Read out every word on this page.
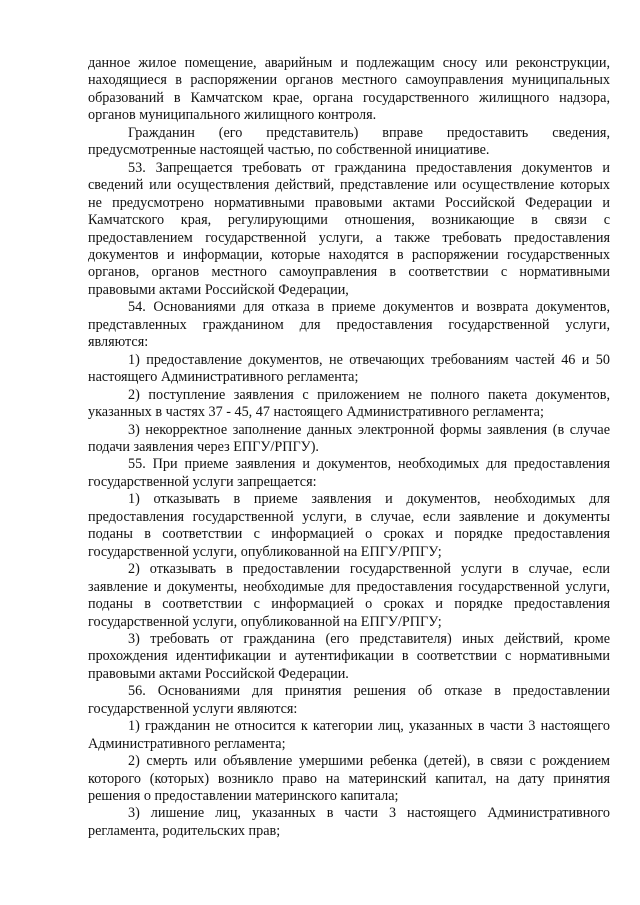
данное жилое помещение, аварийным и подлежащим сносу или реконструкции, находящиеся в распоряжении органов местного самоуправления муниципальных образований в Камчатском крае, органа государственного жилищного надзора, органов муниципального жилищного контроля.

Гражданин (его представитель) вправе предоставить сведения, предусмотренные настоящей частью, по собственной инициативе.

53. Запрещается требовать от гражданина предоставления документов и сведений или осуществления действий, представление или осуществление которых не предусмотрено нормативными правовыми актами Российской Федерации и Камчатского края, регулирующими отношения, возникающие в связи с предоставлением государственной услуги, а также требовать предоставления документов и информации, которые находятся в распоряжении государственных органов, органов местного самоуправления в соответствии с нормативными правовыми актами Российской Федерации,

54. Основаниями для отказа в приеме документов и возврата документов, представленных гражданином для предоставления государственной услуги, являются:

1) предоставление документов, не отвечающих требованиям частей 46 и 50 настоящего Административного регламента;

2) поступление заявления с приложением не полного пакета документов, указанных в частях 37 - 45, 47 настоящего Административного регламента;

3) некорректное заполнение данных электронной формы заявления (в случае подачи заявления через ЕПГУ/РПГУ).

55. При приеме заявления и документов, необходимых для предоставления государственной услуги запрещается:

1) отказывать в приеме заявления и документов, необходимых для предоставления государственной услуги, в случае, если заявление и документы поданы в соответствии с информацией о сроках и порядке предоставления государственной услуги, опубликованной на ЕПГУ/РПГУ;

2) отказывать в предоставлении государственной услуги в случае, если заявление и документы, необходимые для предоставления государственной услуги, поданы в соответствии с информацией о сроках и порядке предоставления государственной услуги, опубликованной на ЕПГУ/РПГУ;

3) требовать от гражданина (его представителя) иных действий, кроме прохождения идентификации и аутентификации в соответствии с нормативными правовыми актами Российской Федерации.

56. Основаниями для принятия решения об отказе в предоставлении государственной услуги являются:

1) гражданин не относится к категории лиц, указанных в части 3 настоящего Административного регламента;

2) смерть или объявление умершими ребенка (детей), в связи с рождением которого (которых) возникло право на материнский капитал, на дату принятия решения о предоставлении материнского капитала;

3) лишение лиц, указанных в части 3 настоящего Административного регламента, родительских прав;
